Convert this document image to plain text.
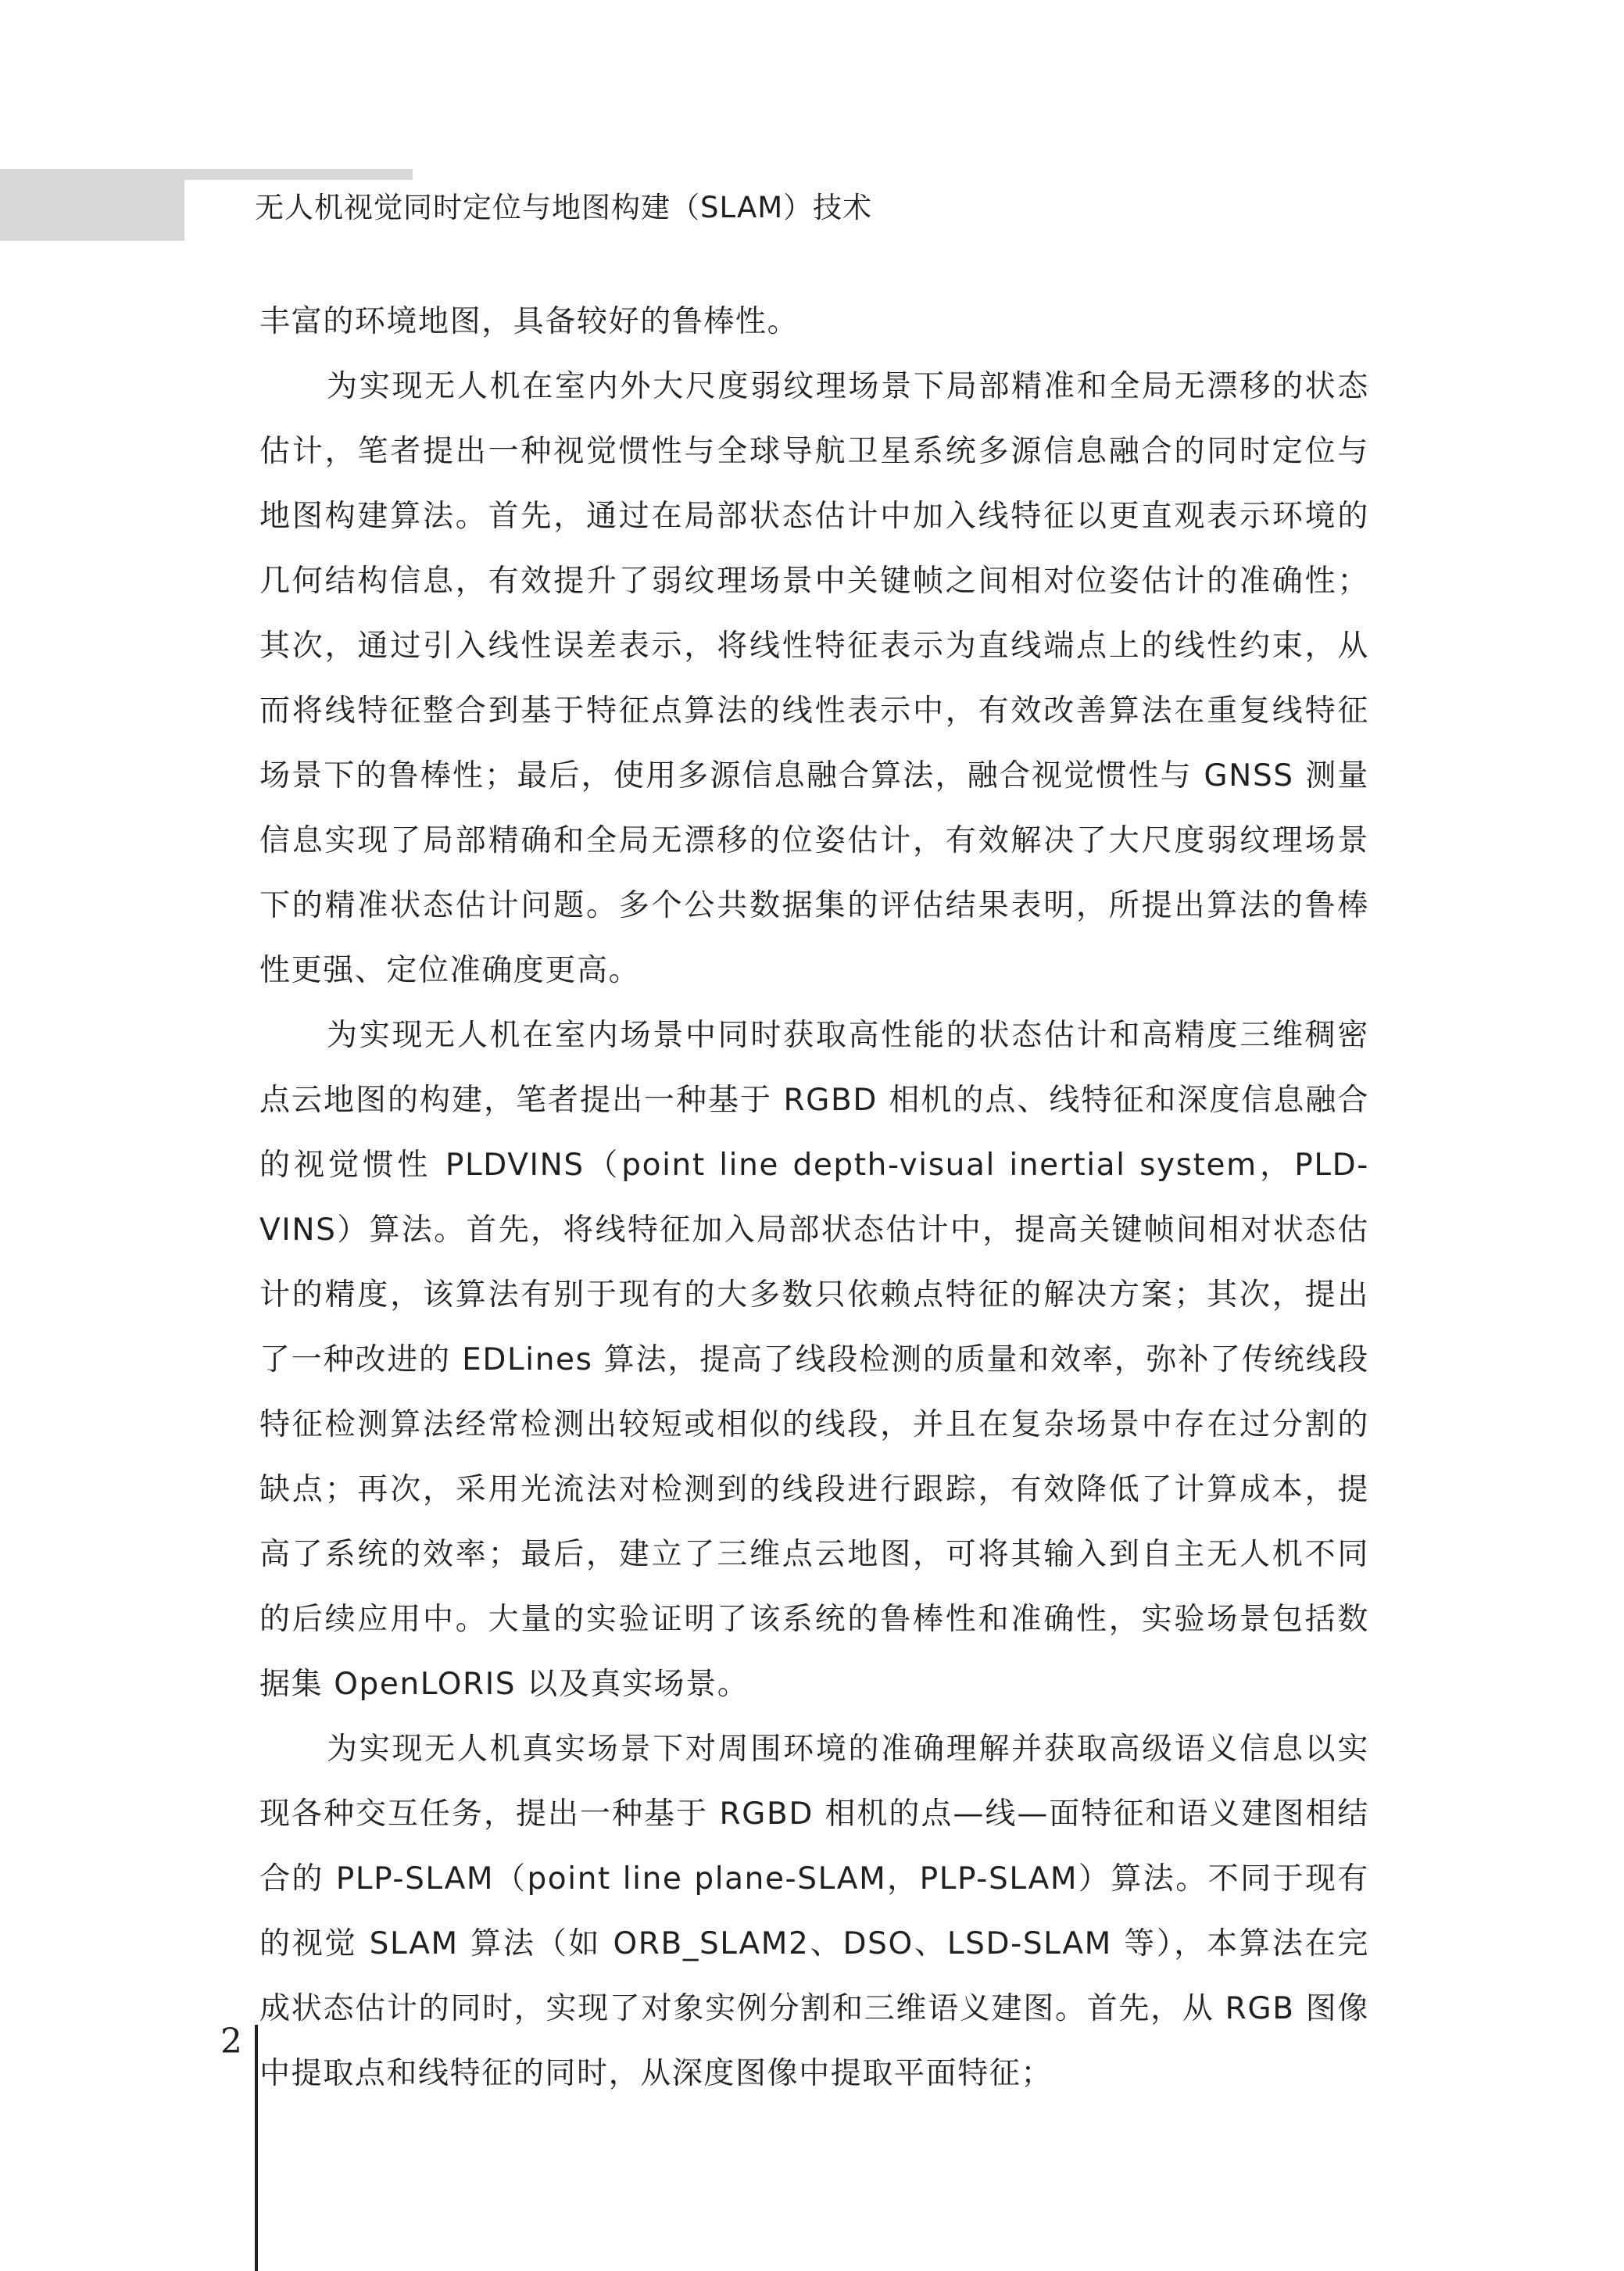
无人机视觉同时定位与地图构建（SLAM）技术

丰富的环境地图，具备较好的鲁棒性。

为实现无人机在室内外大尺度弱纹理场景下局部精准和全局无漂移的状态估计，笔者提出一种视觉惯性与全球导航卫星系统多源信息融合的同时定位与地图构建算法。首先，通过在局部状态估计中加入线特征以更直观表示环境的几何结构信息，有效提升了弱纹理场景中关键帧之间相对位姿估计的准确性；其次，通过引入线性误差表示，将线性特征表示为直线端点上的线性约束，从而将线特征整合到基于特征点算法的线性表示中，有效改善算法在重复线特征场景下的鲁棒性；最后，使用多源信息融合算法，融合视觉惯性与 GNSS 测量信息实现了局部精确和全局无漂移的位姿估计，有效解决了大尺度弱纹理场景下的精准状态估计问题。多个公共数据集的评估结果表明，所提出算法的鲁棒性更强、定位准确度更高。

为实现无人机在室内场景中同时获取高性能的状态估计和高精度三维稠密点云地图的构建，笔者提出一种基于 RGBD 相机的点、线特征和深度信息融合的视觉惯性 PLDVINS（point line depth-visual inertial system，PLD-VINS）算法。首先，将线特征加入局部状态估计中，提高关键帧间相对状态估计的精度，该算法有别于现有的大多数只依赖点特征的解决方案；其次，提出了一种改进的 EDLines 算法，提高了线段检测的质量和效率，弥补了传统线段特征检测算法经常检测出较短或相似的线段，并且在复杂场景中存在过分割的缺点；再次，采用光流法对检测到的线段进行跟踪，有效降低了计算成本，提高了系统的效率；最后，建立了三维点云地图，可将其输入到自主无人机不同的后续应用中。大量的实验证明了该系统的鲁棒性和准确性，实验场景包括数据集 OpenLORIS 以及真实场景。

为实现无人机真实场景下对周围环境的准确理解并获取高级语义信息以实现各种交互任务，提出一种基于 RGBD 相机的点—线—面特征和语义建图相结合的 PLP-SLAM（point line plane-SLAM，PLP-SLAM）算法。不同于现有的视觉 SLAM 算法（如 ORB_SLAM2、DSO、LSD-SLAM 等），本算法在完成状态估计的同时，实现了对象实例分割和三维语义建图。首先，从 RGB 图像中提取点和线特征的同时，从深度图像中提取平面特征；

2
